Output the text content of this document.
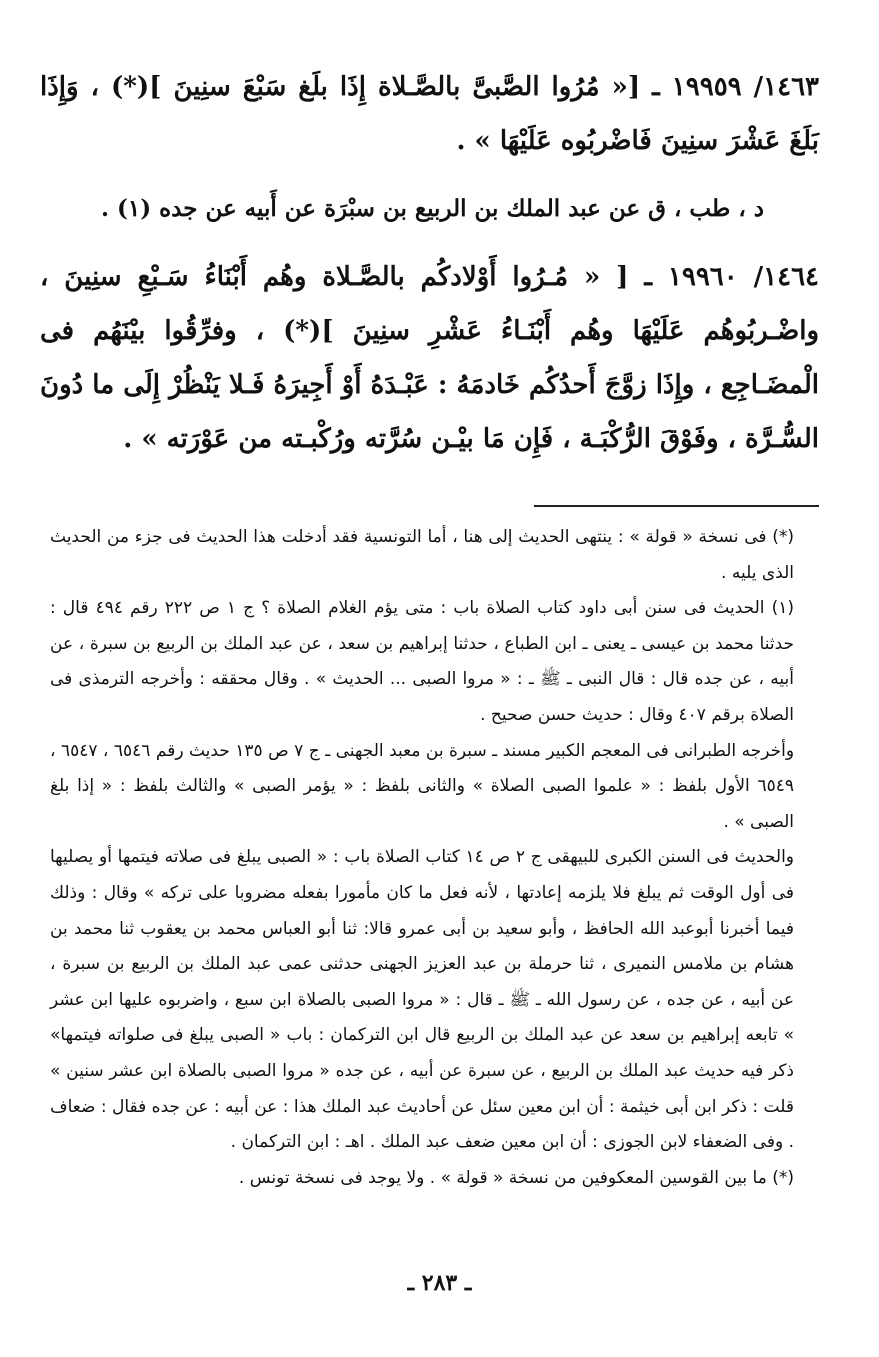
١٤٦٣/ ١٩٩٥٩ ـ [« مُرُوا الصَّبىَّ بالصَّـلاة إِذَا بلَغ سَبْعَ سنِينَ ](*) ، وَإِذَا بَلَغَ عَشْرَ سنِينَ فَاضْربُوه عَلَيْهَا » .

د ، طب ، ق عن عبد الملك بن الربيع بن سبْرَة عن أَبيه عن جده (١) .

١٤٦٤/ ١٩٩٦٠ ـ [ « مُـرُوا أَوْلادكُم بالصَّـلاة وهُم أَبْنَاءُ سَـبْعِ سنِينَ ، واضْـربُوهُم عَلَيْهَا وهُم أَبْنَـاءُ عَشْرِ سنِينَ ](*) ، وفرِّقُوا بيْنَهُم فى الْمضَـاجِع ، وإِذَا زوَّجَ أَحدُكُم خَادمَهُ : عَبْـدَهُ أَوْ أَجِيرَهُ فَـلا يَنْظُرْ إِلَى ما دُونَ السُّـرَّة ، وفَوْقَ الرُّكْبَـة ، فَإِن مَا بيْـن سُرَّته ورُكْبـته من عَوْرَته » .

(*) فى نسخة « قولة » : ينتهى الحديث إلى هنا ، أما التونسية فقد أدخلت هذا الحديث فى جزء من الحديث الذى يليه .

(١) الحديث فى سنن أبى داود كتاب الصلاة باب : متى يؤم الغلام الصلاة ؟ ج ١ ص ٢٢٢ رقم ٤٩٤ قال : حدثنا محمد بن عيسى ـ يعنى ـ ابن الطباع ، حدثنا إبراهيم بن سعد ، عن عبد الملك بن الربيع بن سبرة ، عن أبيه ، عن جده قال : قال النبى ـ ﷺ ـ : « مروا الصبى ... الحديث » . وقال محققه : وأخرجه الترمذى فى الصلاة برقم ٤٠٧ وقال : حديث حسن صحيح .

وأخرجه الطبرانى فى المعجم الكبير مسند ـ سبرة بن معبد الجهنى ـ ج ٧ ص ١٣٥ حديث رقم ٦٥٤٦ ، ٦٥٤٧ ، ٦٥٤٩ الأول بلفظ : « علموا الصبى الصلاة » والثانى بلفظ : « يؤمر الصبى » والثالث بلفظ : « إذا بلغ الصبى » .

والحديث فى السنن الكبرى للبيهقى ج ٢ ص ١٤ كتاب الصلاة باب : « الصبى يبلغ فى صلاته فيتمها أو يصليها فى أول الوقت ثم يبلغ فلا يلزمه إعادتها ، لأنه فعل ما كان مأمورا بفعله مضروبا على تركه » وقال : وذلك فيما أخبرنا أبوعبد الله الحافظ ، وأبو سعيد بن أبى عمرو قالا: ثنا أبو العباس محمد بن يعقوب ثنا محمد بن هشام بن ملامس النميرى ، ثنا حرملة بن عبد العزيز الجهنى حدثنى عمى عبد الملك بن الربيع بن سبرة ، عن أبيه ، عن جده ، عن رسول الله ـ ﷺ ـ قال : « مروا الصبى بالصلاة ابن سبع ، واضربوه عليها ابن عشر » تابعه إبراهيم بن سعد عن عبد الملك بن الربيع قال ابن التركمان : باب « الصبى يبلغ فى صلواته فيتمها» ذكر فيه حديث عبد الملك بن الربيع ، عن سبرة عن أبيه ، عن جده « مروا الصبى بالصلاة ابن عشر سنين » قلت : ذكر ابن أبى خيثمة : أن ابن معين سئل عن أحاديث عبد الملك هذا : عن أبيه : عن جده فقال : ضعاف . وفى الضعفاء لابن الجوزى : أن ابن معين ضعف عبد الملك . اهـ : ابن التركمان .

(*) ما بين القوسين المعكوفين من نسخة « قولة » . ولا يوجد فى نسخة تونس .

ـ ٢٨٣ ـ
